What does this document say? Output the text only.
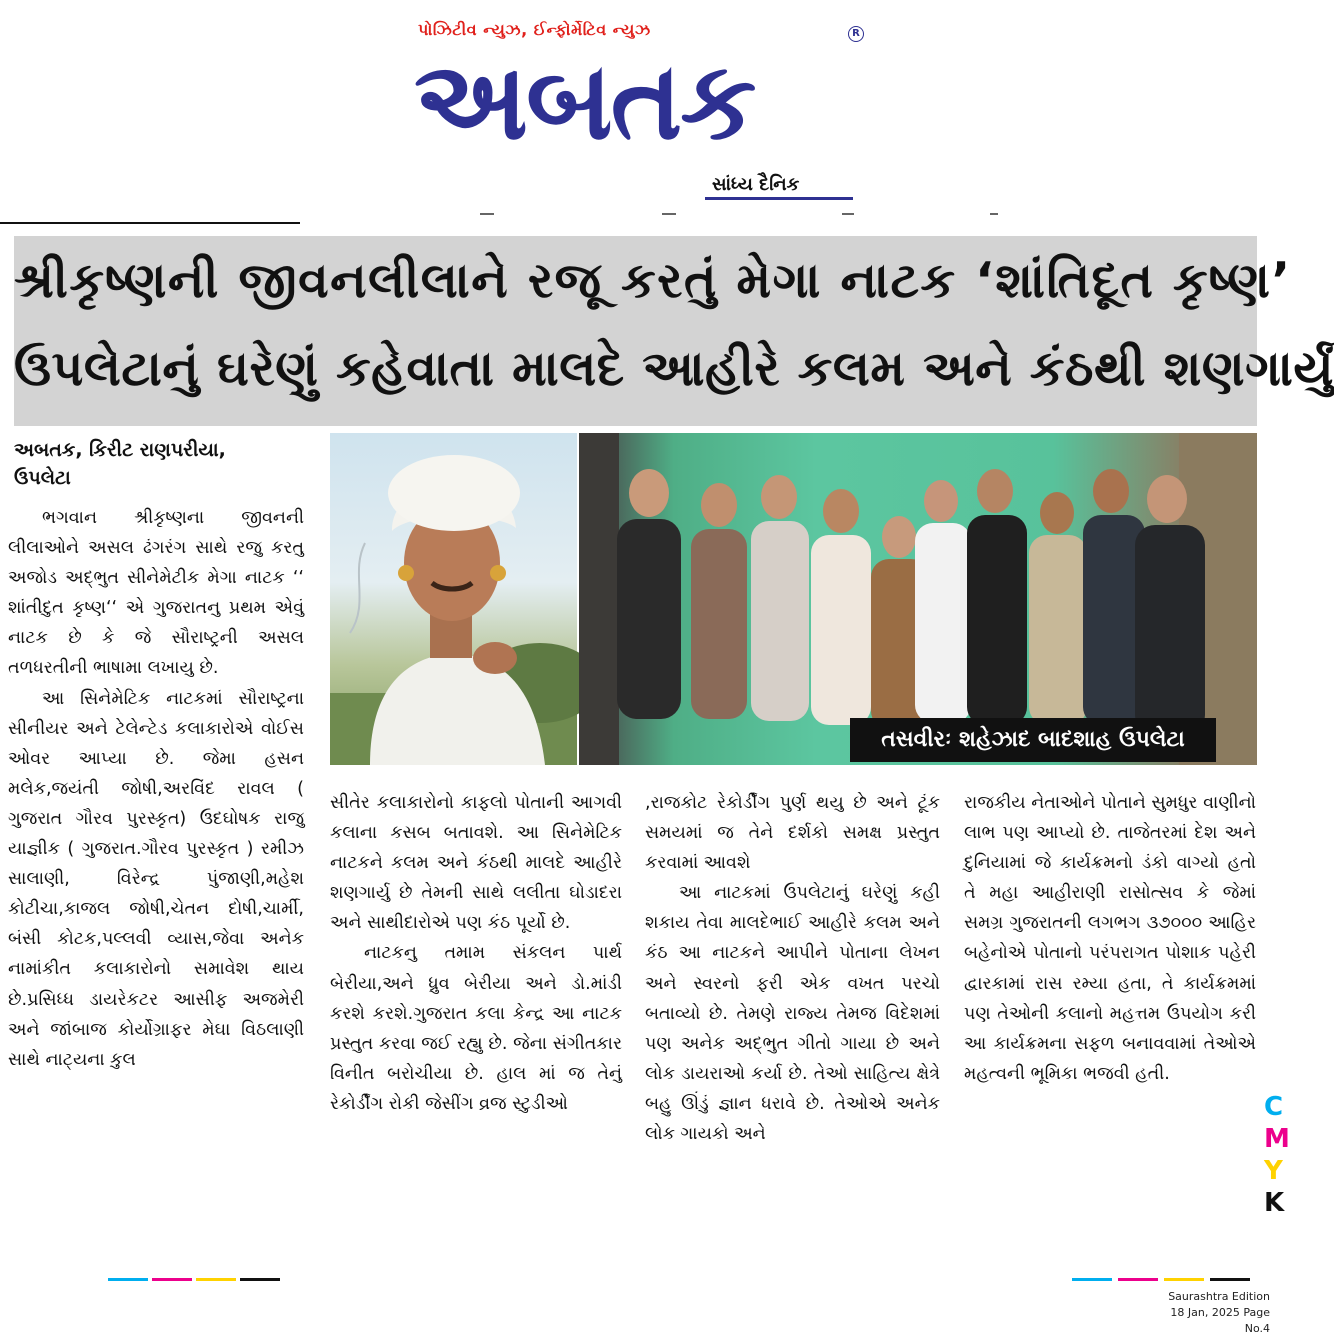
પોઝિટીવ ન્યુઝ, ઈન્ફોર્મેટિવ ન્યુઝ
અબતક
R
સાંધ્ય દૈનિક
શ્રીકૃષ્ણની જીવનલીલાને રજૂ કરતું મેગા નાટક ‘શાંતિદૂત કૃષ્ણ’
ઉપલેટાનું ઘરેણું કહેવાતા માલદે આહીરે કલમ અને કંઠથી શણગાર્યું
અબતક, કિરીટ રાણપરીયા,
ઉપલેટા
તસવીરઃ શહેઝાદ બાદશાહ ઉપલેટા

ભગવાન શ્રીકૃષ્ણના જીવનની લીલાઓને અસલ ઢંગરંગ સાથે રજુ કરતુ અજોડ અદ્ભુત સીનેમેટીક મેગા નાટક ‘‘ શાંતીદુત કૃષ્ણ‘‘ એ ગુજરાતનુ પ્રથમ એવું નાટક છે કે જે સૌરાષ્ટ્રની અસલ તળધરતીની ભાષામા લખાયુ છે.

આ સિનેમેટિક નાટકમાં સૌરાષ્ટ્રના સીનીયર અને ટેલેન્ટેડ કલાકારોએ વોઈસ ઓવર આપ્યા છે. જેમા હસન મલેક,જયંતી જોષી,અરવિંદ રાવલ ( ગુજરાત ગૌરવ પુરસ્કૃત) ઉદઘોષક રાજુ યાજ્ઞીક ( ગુજરાત.ગૌરવ પુરસ્કૃત ) રમીઝ સાલાણી, વિરેન્દ્ર પુંજાણી,મહેશ કોટીચા,કાજલ જોષી,ચેતન દોષી,ચાર્મી, બંસી કોટક,પલ્લવી વ્યાસ,જેવા અનેક નામાંકીત કલાકારોનો સમાવેશ થાય છે.પ્રસિધ્ધ ડાયરેકટર આસીફ અજમેરી અને જાંબાજ કોર્યોગ્રાફર મેઘા વિઠલાણી સાથે નાટ્યના કુલ

સીતેર કલાકારોનો કાફલો પોતાની આગવી કલાના કસબ બતાવશે. આ સિનેમેટિક નાટકને કલમ અને કંઠથી માલદે આહીરે શણગાર્યુ છે તેમની સાથે લલીતા ઘોડાદરા અને સાથીદારોએ પણ કંઠ પૂર્યો છે.

નાટકનુ તમામ સંકલન પાર્થ બેરીયા,અને ધ્રુવ બેરીયા અને ડો.માંડી કરશે કરશે.ગુજરાત કલા કેન્દ્ર આ નાટક પ્રસ્તુત કરવા જઈ રહ્યુ છે. જેના સંગીતકાર વિનીત બરોચીયા છે. હાલ માં જ તેનું રેકોર્ડીંગ રોકી જેસીંગ વ્રજ સ્ટુડીઓ

,રાજકોટ રેકોર્ડીંગ પુર્ણ થયુ છે અને ટૂંક સમયમાં જ તેને દર્શકો સમક્ષ પ્રસ્તુત કરવામાં આવશે

આ નાટકમાં ઉપલેટાનું ઘરેણું કહી શકાય તેવા માલદેભાઈ આહીરે કલમ અને કંઠ આ નાટકને આપીને પોતાના લેખન અને સ્વરનો ફરી એક વખત પરચો બતાવ્યો છે. તેમણે રાજ્ય તેમજ વિદેશમાં પણ અનેક અદ્ભુત ગીતો ગાયા છે અને લોક ડાયરાઓ કર્યા છે. તેઓ સાહિત્ય ક્ષેત્રે બહુ ઊંડું જ્ઞાન ધરાવે છે. તેઓએ અનેક લોક ગાયકો અને

રાજકીય નેતાઓને પોતાને સુમધુર વાણીનો લાભ પણ આપ્યો છે. તાજેતરમાં દેશ અને દુનિયામાં જે કાર્યક્રમનો ડંકો વાગ્યો હતો તે મહા આહીરાણી રાસોત્સવ કે જેમાં સમગ્ર ગુજરાતની લગભગ ૩૭૦૦૦ આહિર બહેનોએ પોતાનો પરંપરાગત પોશાક પહેરી દ્વારકામાં રાસ રમ્યા હતા, તે કાર્યક્રમમાં પણ તેઓની કલાનો મહત્તમ ઉપયોગ કરી આ કાર્યક્રમના સફળ બનાવવામાં તેઓએ મહત્વની ભૂમિકા ભજવી હતી.

C
M
Y
K
Saurashtra Edition
18 Jan, 2025 Page No.4
